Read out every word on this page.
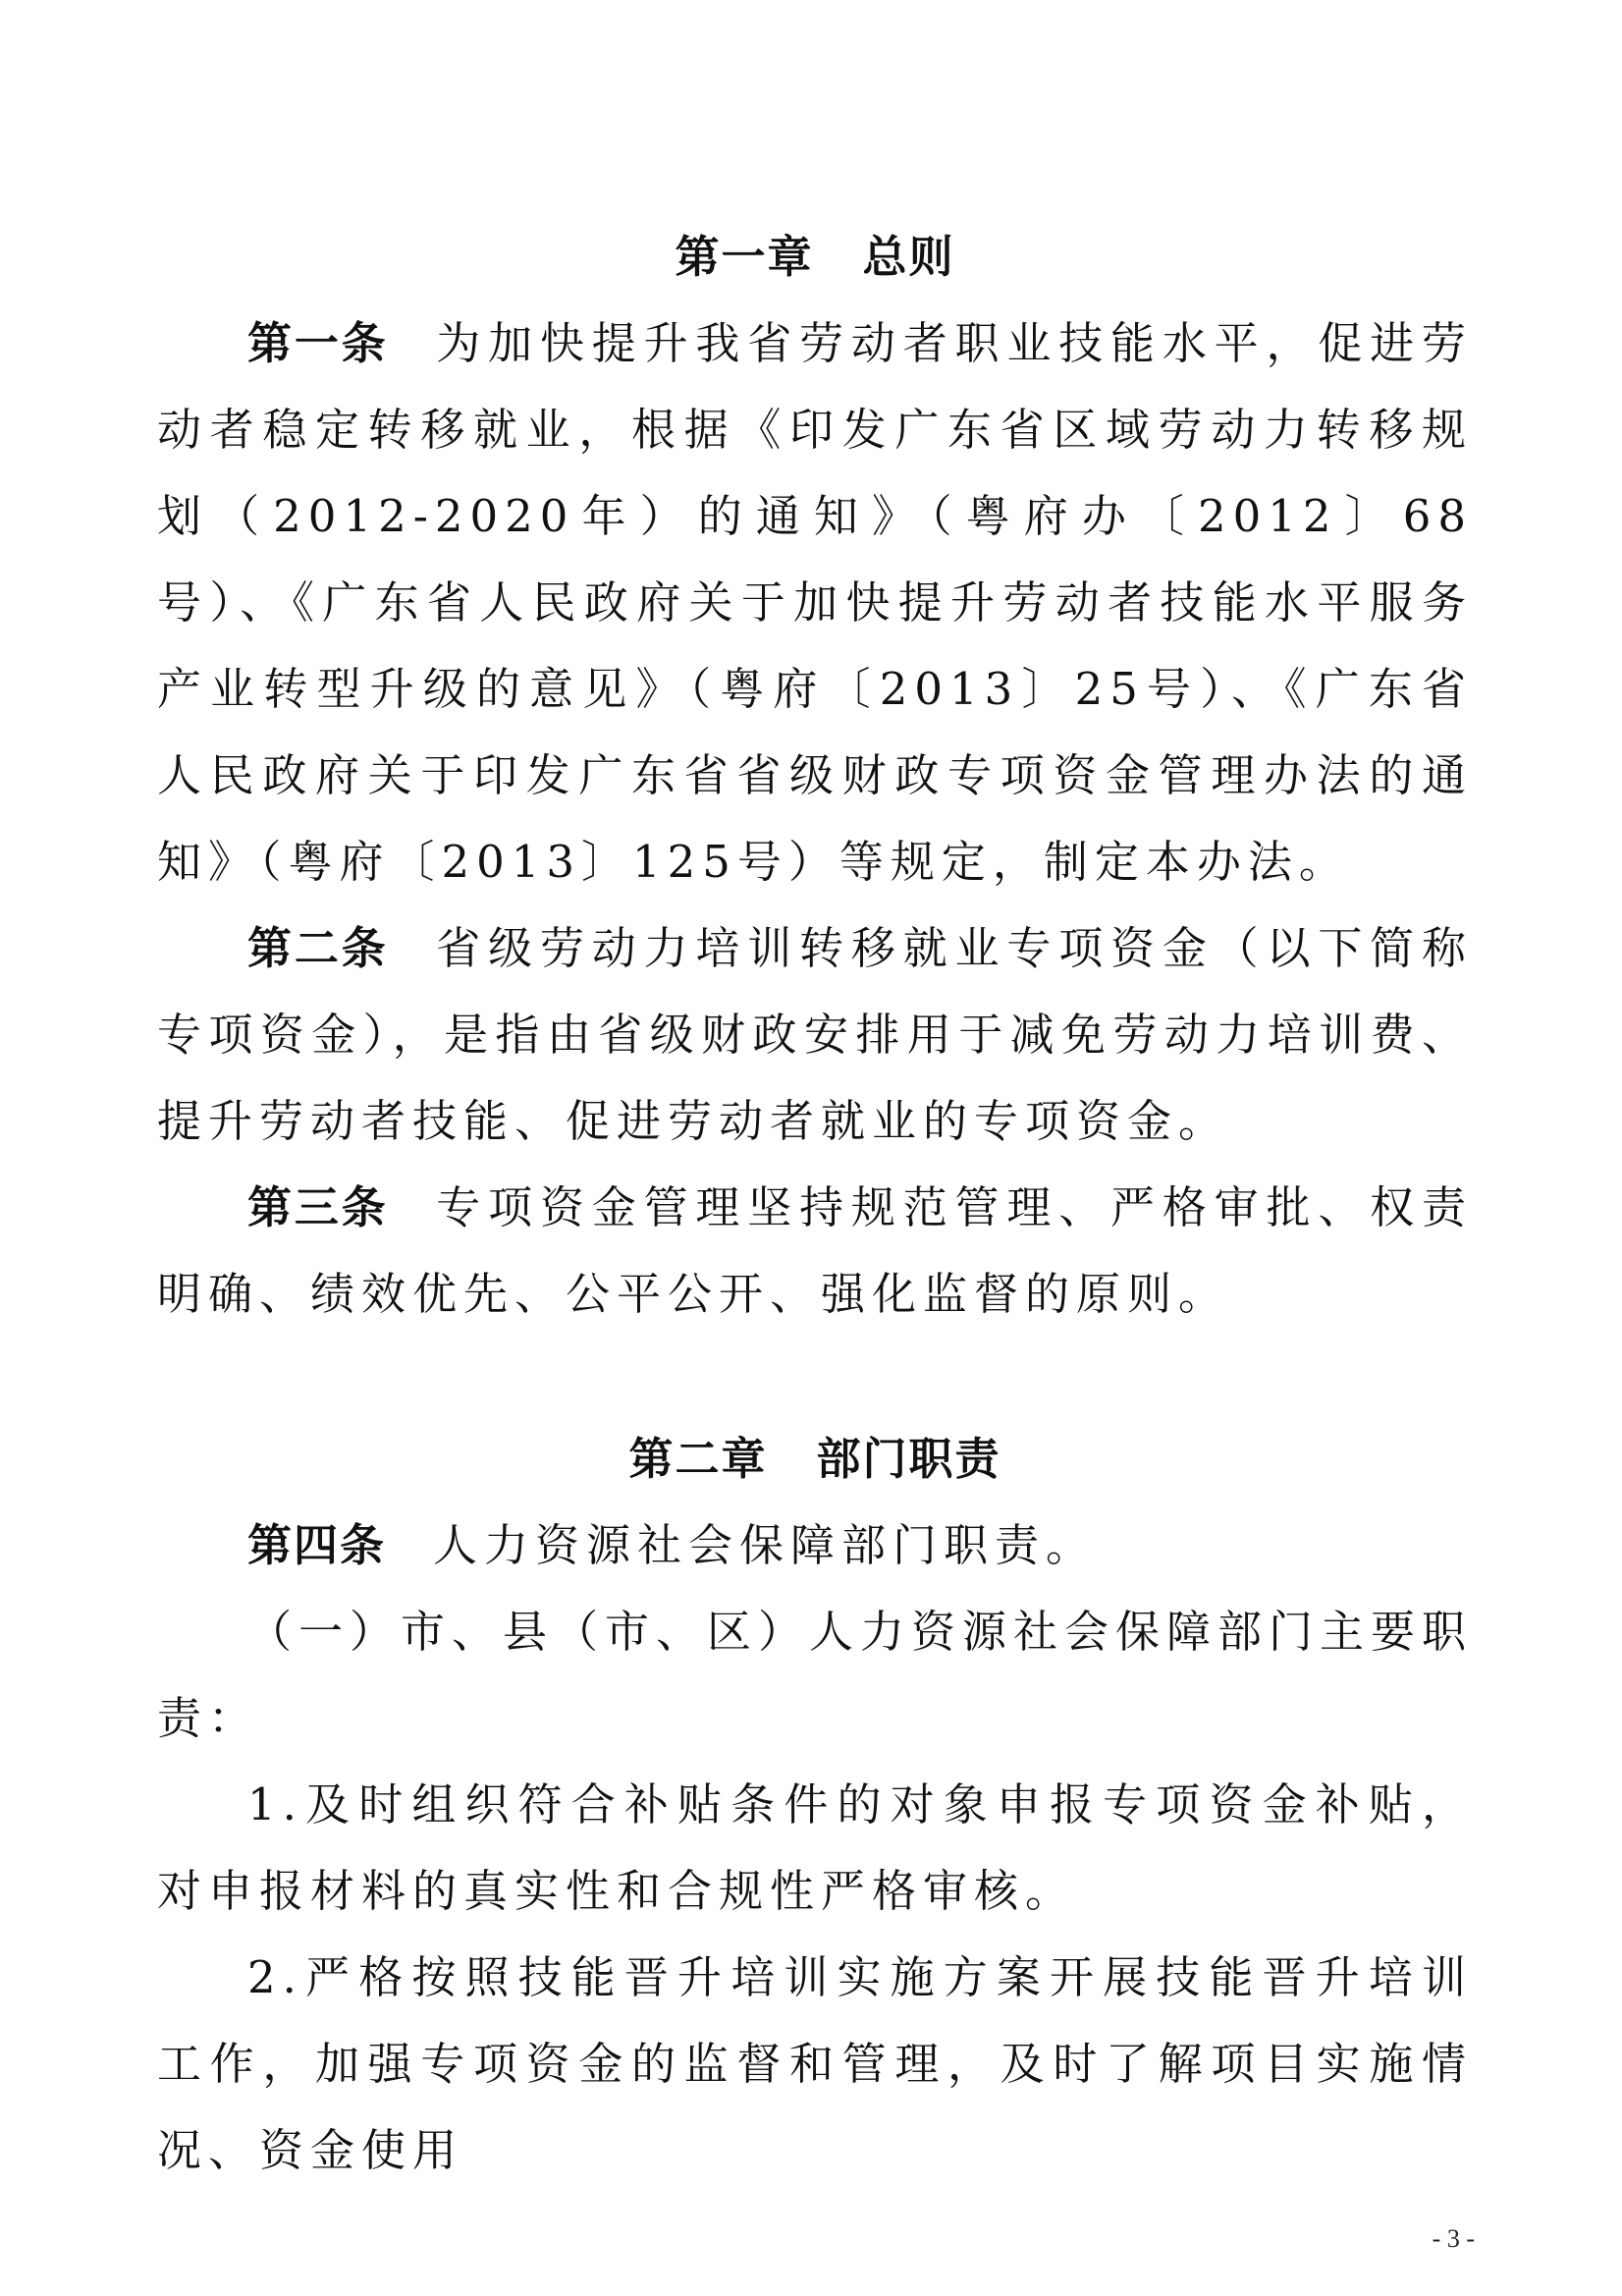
第一章 总则

第一条 为加快提升我省劳动者职业技能水平，促进劳动者稳定转移就业，根据《印发广东省区域劳动力转移规划（2012-2020年）的通知》（粤府办〔2012〕68号）、《广东省人民政府关于加快提升劳动者技能水平服务产业转型升级的意见》（粤府〔2013〕25号）、《广东省人民政府关于印发广东省省级财政专项资金管理办法的通知》（粤府〔2013〕125号）等规定，制定本办法。

第二条 省级劳动力培训转移就业专项资金（以下简称专项资金），是指由省级财政安排用于减免劳动力培训费、提升劳动者技能、促进劳动者就业的专项资金。

第三条 专项资金管理坚持规范管理、严格审批、权责明确、绩效优先、公平公开、强化监督的原则。

第二章 部门职责

第四条 人力资源社会保障部门职责。

（一）市、县（市、区）人力资源社会保障部门主要职责：

1.及时组织符合补贴条件的对象申报专项资金补贴，对申报材料的真实性和合规性严格审核。

2.严格按照技能晋升培训实施方案开展技能晋升培训工作，加强专项资金的监督和管理，及时了解项目实施情况、资金使用

- 3 -
